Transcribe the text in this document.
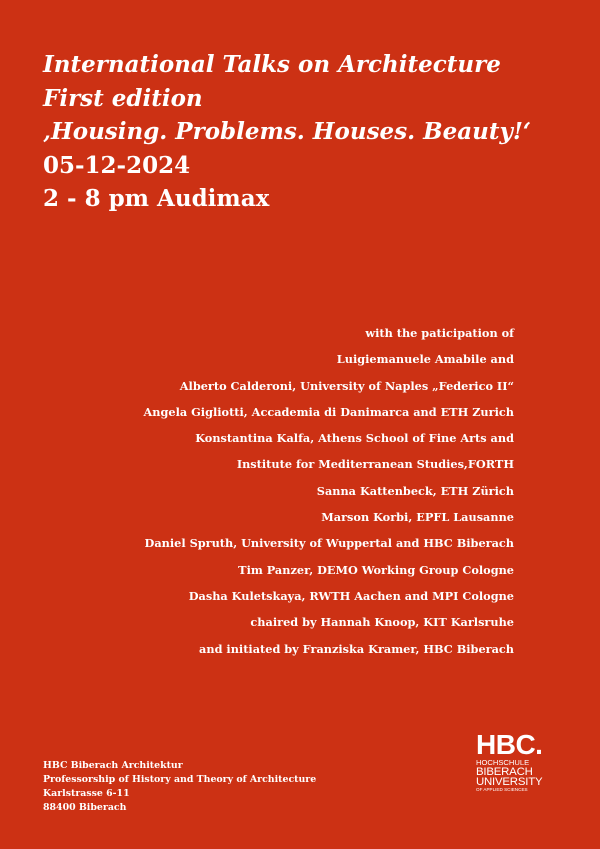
International Talks on Architecture
First edition
‚Housing. Problems. Houses. Beauty!‘
05-12-2024
2 - 8 pm Audimax
with the paticipation of
Luigiemanuele Amabile and
Alberto Calderoni, University of Naples „Federico II“
Angela Gigliotti, Accademia di Danimarca and ETH Zurich
Konstantina Kalfa, Athens School of Fine Arts and
Institute for Mediterranean Studies,FORTH
Sanna Kattenbeck, ETH Zürich
Marson Korbi, EPFL Lausanne
Daniel Spruth, University of Wuppertal and HBC Biberach
Tim Panzer, DEMO Working Group Cologne
Dasha Kuletskaya, RWTH Aachen and MPI Cologne
chaired by Hannah Knoop, KIT Karlsruhe
and initiated by Franziska Kramer, HBC Biberach
HBC Biberach Architektur
Professorship of History and Theory of Architecture
Karlstrasse 6-11
88400 Biberach
HBC.
HOCHSCHULE
BIBERACH
UNIVERSITY
OF APPLIED SCIENCES
